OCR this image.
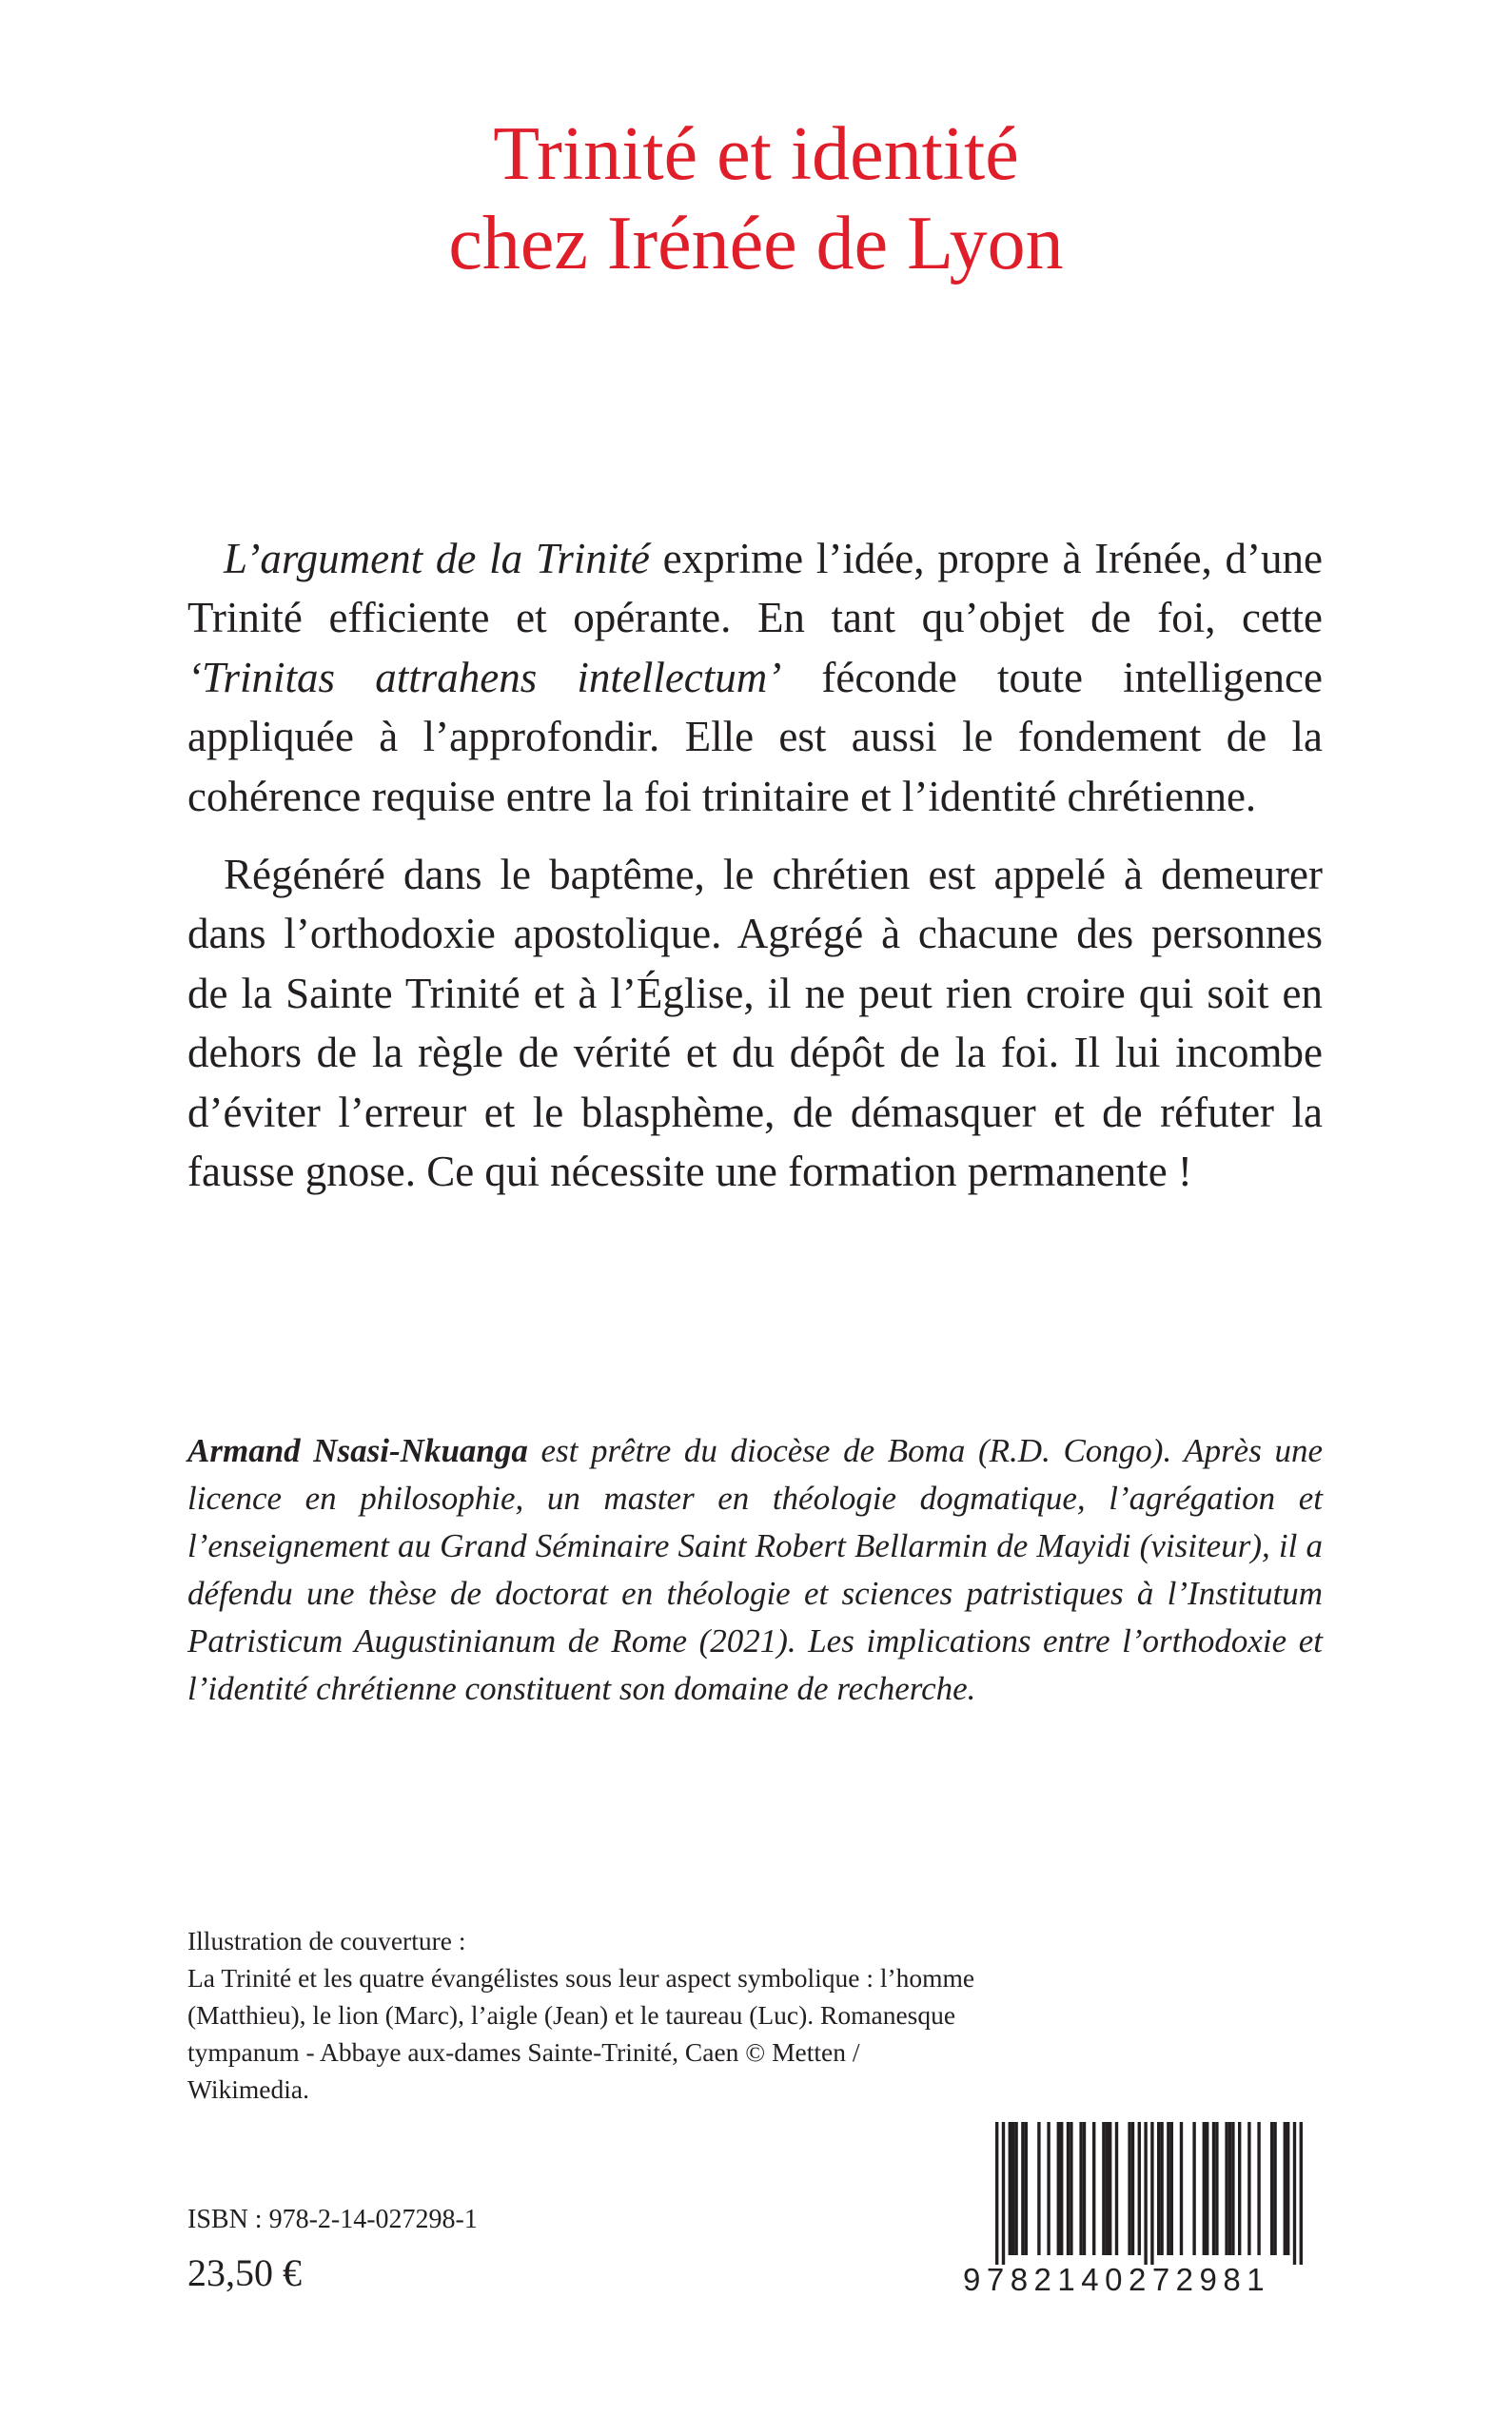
Trinité et identité
chez Irénée de Lyon

L’argument de la Trinité exprime l’idée, propre à Irénée, d’une Trinité efficiente et opérante. En tant qu’objet de foi, cette ‘Trinitas attrahens intellectum’ féconde toute intelligence appliquée à l’approfondir. Elle est aussi le fondement de la cohérence requise entre la foi trinitaire et l’identité chrétienne.

Régénéré dans le baptême, le chrétien est appelé à demeurer dans l’orthodoxie apostolique. Agrégé à chacune des personnes de la Sainte Trinité et à l’Église, il ne peut rien croire qui soit en dehors de la règle de vérité et du dépôt de la foi. Il lui incombe d’éviter l’erreur et le blasphème, de démasquer et de réfuter la fausse gnose. Ce qui nécessite une formation permanente !

Armand Nsasi-Nkuanga est prêtre du diocèse de Boma (R.D. Congo). Après une licence en philosophie, un master en théologie dogmatique, l’agrégation et l’enseignement au Grand Séminaire Saint Robert Bellarmin de Mayidi (visiteur), il a défendu une thèse de doctorat en théologie et sciences patristiques à l’Institutum Patristicum Augustinianum de Rome (2021). Les implications entre l’orthodoxie et l’identité chrétienne constituent son domaine de recherche.

Illustration de couverture :
La Trinité et les quatre évangélistes sous leur aspect symbolique : l’homme (Matthieu), le lion (Marc), l’aigle (Jean) et le taureau (Luc). Romanesque tympanum - Abbaye aux-dames Sainte-Trinité, Caen © Metten / Wikimedia.

ISBN : 978-2-14-027298-1
23,50 €	9782140272981
